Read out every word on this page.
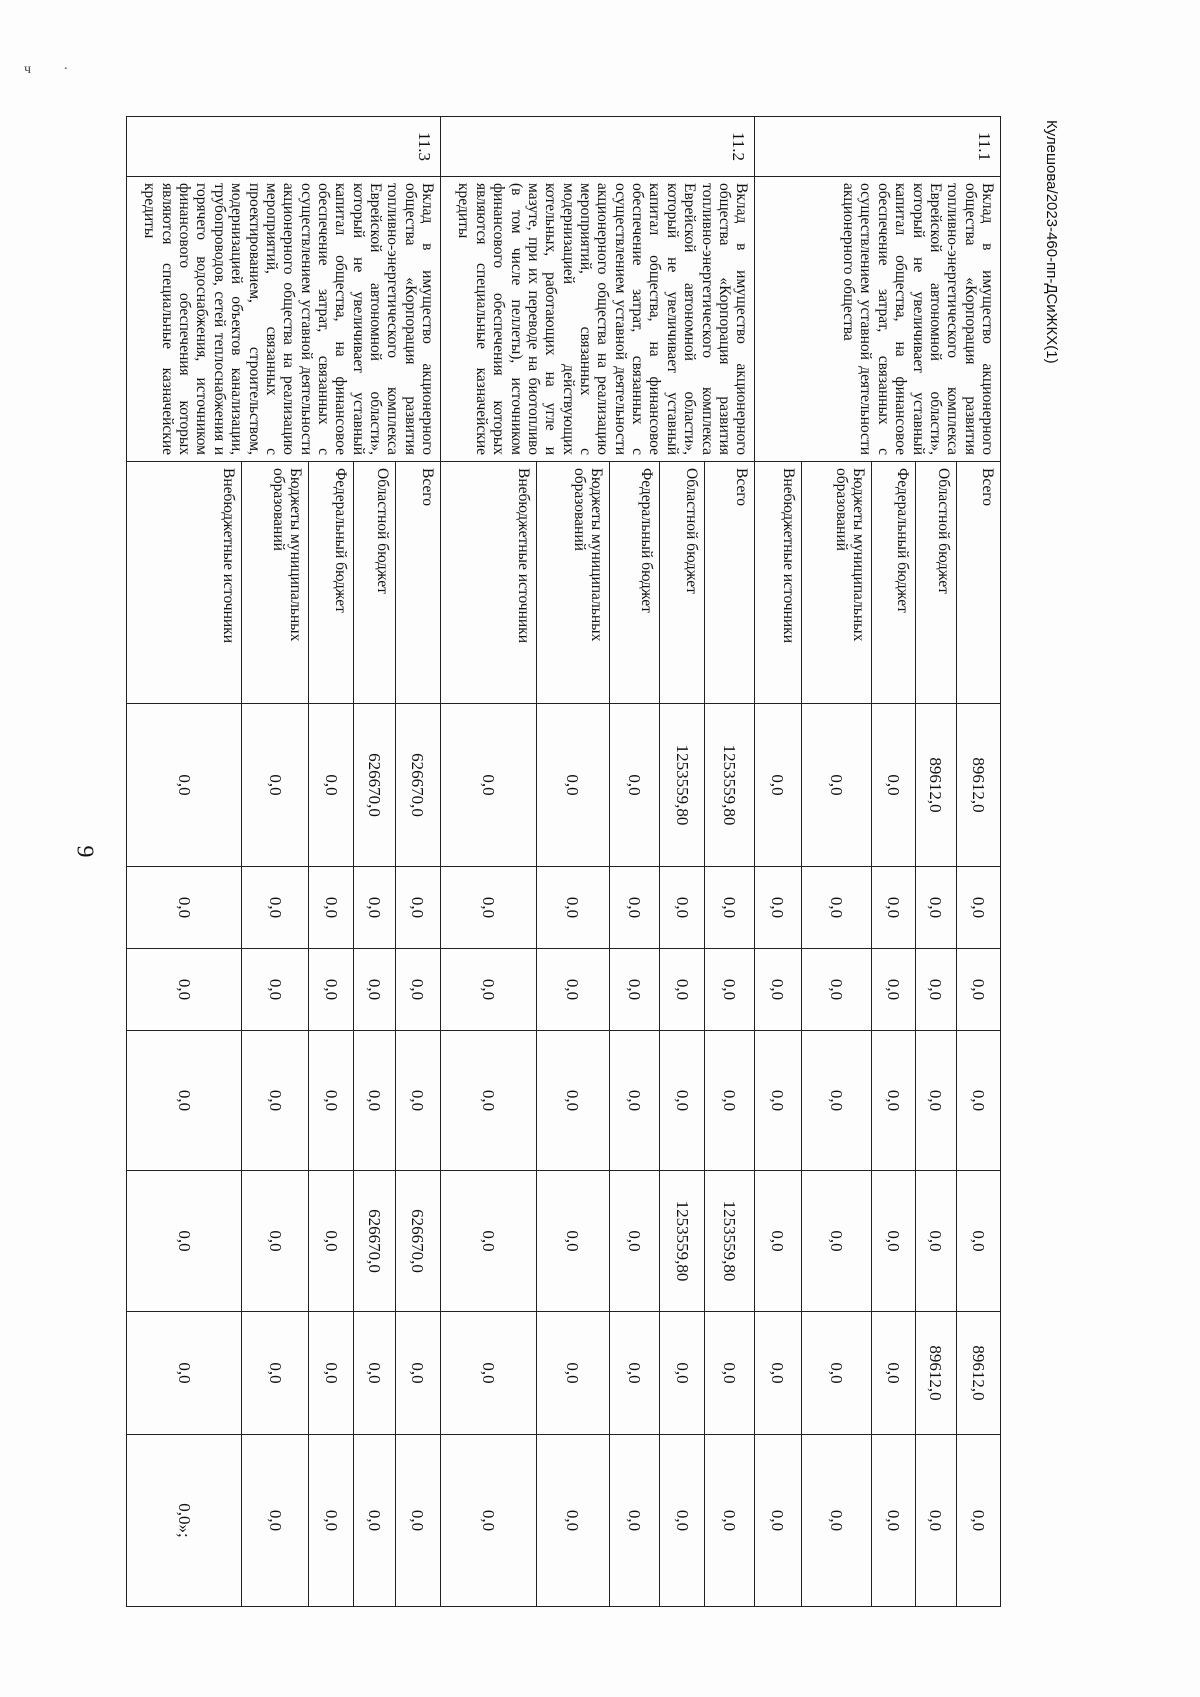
ч .
9
Кулешова/2023-460-пп-ДСиЖКХ(1)
11.1	Вклад в имущество акционерного общества «Корпорация развития топливно-энергетического комплекса Еврейской автономной области», который не увеличивает уставный капитал общества, на финансовое обеспечение затрат, связанных с осуществлением уставной деятельности акционерного общества	Всего	89612,0	0,0	0,0	0,0	0,0	89612,0	0,0
		Областной бюджет	89612,0	0,0	0,0	0,0	0,0	89612,0	0,0
		Федеральный бюджет	0,0	0,0	0,0	0,0	0,0	0,0	0,0
		Бюджеты муниципальных образований	0,0	0,0	0,0	0,0	0,0	0,0	0,0
		Внебюджетные источники	0,0	0,0	0,0	0,0	0,0	0,0	0,0
11.2	Вклад в имущество акционерного общества «Корпорация развития топливно-энергетического комплекса Еврейской автономной области», который не увеличивает уставный капитал общества, на финансовое обеспечение затрат, связанных с осуществлением уставной деятельности акционерного общества на реализацию мероприятий, связанных с модернизацией действующих котельных, работающих на угле и мазуте, при их переводе на биотопливо (в том числе пеллеты), источником финансового обеспечения которых являются специальные казначейские кредиты	Всего	1253559,80	0,0	0,0	0,0	1253559,80	0,0	0,0
		Областной бюджет	1253559,80	0,0	0,0	0,0	1253559,80	0,0	0,0
		Федеральный бюджет	0,0	0,0	0,0	0,0	0,0	0,0	0,0
		Бюджеты муниципальных образований	0,0	0,0	0,0	0,0	0,0	0,0	0,0
		Внебюджетные источники	0,0	0,0	0,0	0,0	0,0	0,0	0,0
11.3	Вклад в имущество акционерного общества «Корпорация развития топливно-энергетического комплекса Еврейской автономной области», который не увеличивает уставный капитал общества, на финансовое обеспечение затрат, связанных с осуществлением уставной деятельности акционерного общества на реализацию мероприятий, связанных с проектированием, строительством, модернизацией объектов канализации, трубопроводов, сетей теплоснабжения и горячего водоснабжения, источником финансового обеспечения которых являются специальные казначейские кредиты	Всего	626670,0	0,0	0,0	0,0	626670,0	0,0	0,0
		Областной бюджет	626670,0	0,0	0,0	0,0	626670,0	0,0	0,0
		Федеральный бюджет	0,0	0,0	0,0	0,0	0,0	0,0	0,0
		Бюджеты муниципальных образований	0,0	0,0	0,0	0,0	0,0	0,0	0,0
		Внебюджетные источники	0,0	0,0	0,0	0,0	0,0	0,0	0,0»;
